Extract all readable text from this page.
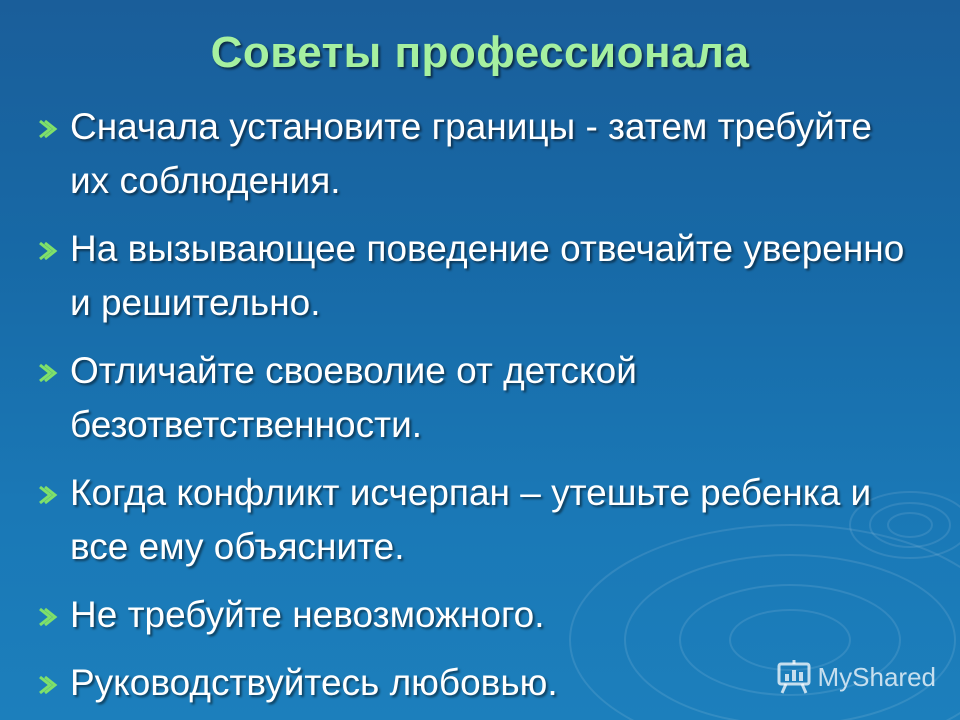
Советы профессионала
Сначала установите границы - затем требуйте их соблюдения.
На вызывающее поведение отвечайте уверенно и решительно.
Отличайте своеволие от детской безответственности.
Когда конфликт исчерпан – утешьте ребенка и все ему объясните.
Не требуйте невозможного.
Руководствуйтесь любовью.	MyShared
